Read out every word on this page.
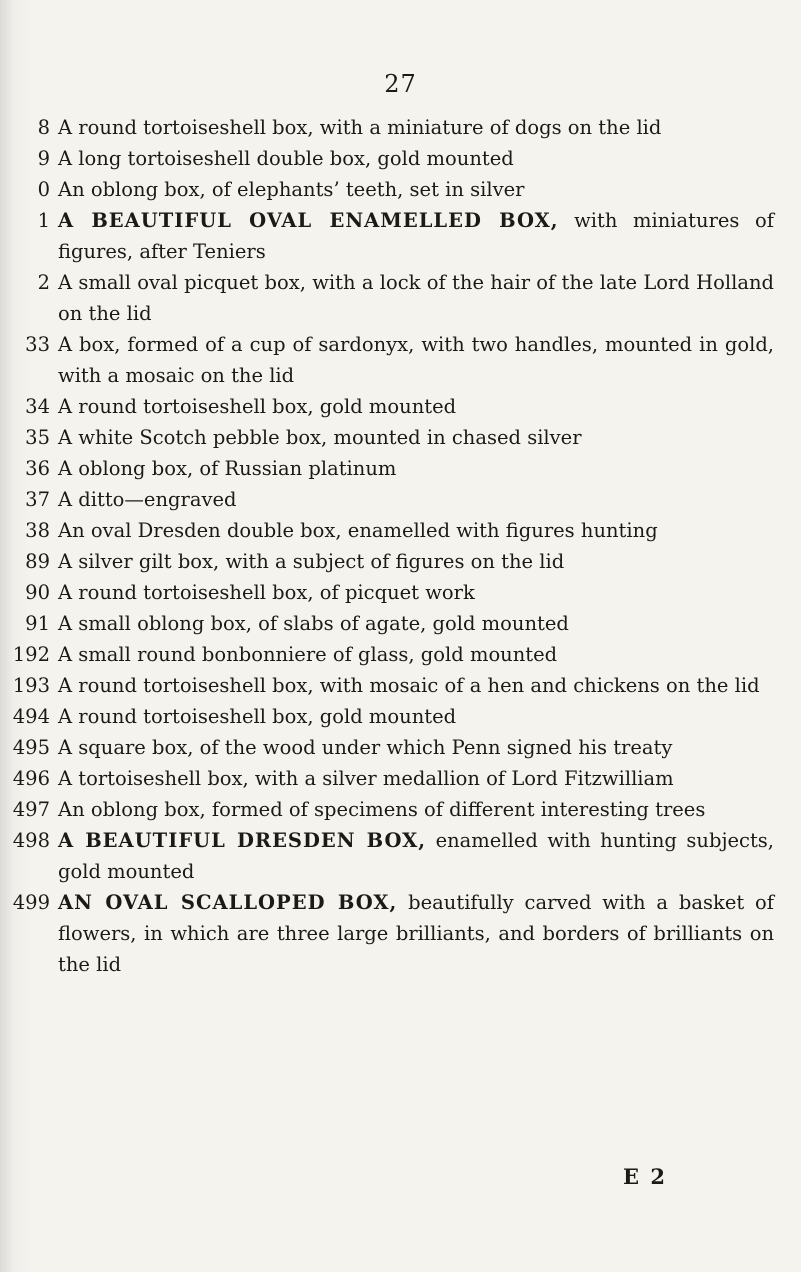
27
8 A round tortoiseshell box, with a miniature of dogs on the lid
9 A long tortoiseshell double box, gold mounted
0 An oblong box, of elephants’ teeth, set in silver
1 A BEAUTIFUL OVAL ENAMELLED BOX, with miniatures of figures, after Teniers
2 A small oval picquet box, with a lock of the hair of the late Lord Holland on the lid
33 A box, formed of a cup of sardonyx, with two handles, mounted in gold, with a mosaic on the lid
34 A round tortoiseshell box, gold mounted
35 A white Scotch pebble box, mounted in chased silver
36 A oblong box, of Russian platinum
37 A ditto—engraved
38 An oval Dresden double box, enamelled with figures hunting
89 A silver gilt box, with a subject of figures on the lid
90 A round tortoiseshell box, of picquet work
91 A small oblong box, of slabs of agate, gold mounted
192 A small round bonbonniere of glass, gold mounted
193 A round tortoiseshell box, with mosaic of a hen and chickens on the lid
494 A round tortoiseshell box, gold mounted
495 A square box, of the wood under which Penn signed his treaty
496 A tortoiseshell box, with a silver medallion of Lord Fitzwilliam
497 An oblong box, formed of specimens of different interesting trees
498 A BEAUTIFUL DRESDEN BOX, enamelled with hunting subjects, gold mounted
499 AN OVAL SCALLOPED BOX, beautifully carved with a basket of flowers, in which are three large brilliants, and borders of brilliants on the lid
E 2
